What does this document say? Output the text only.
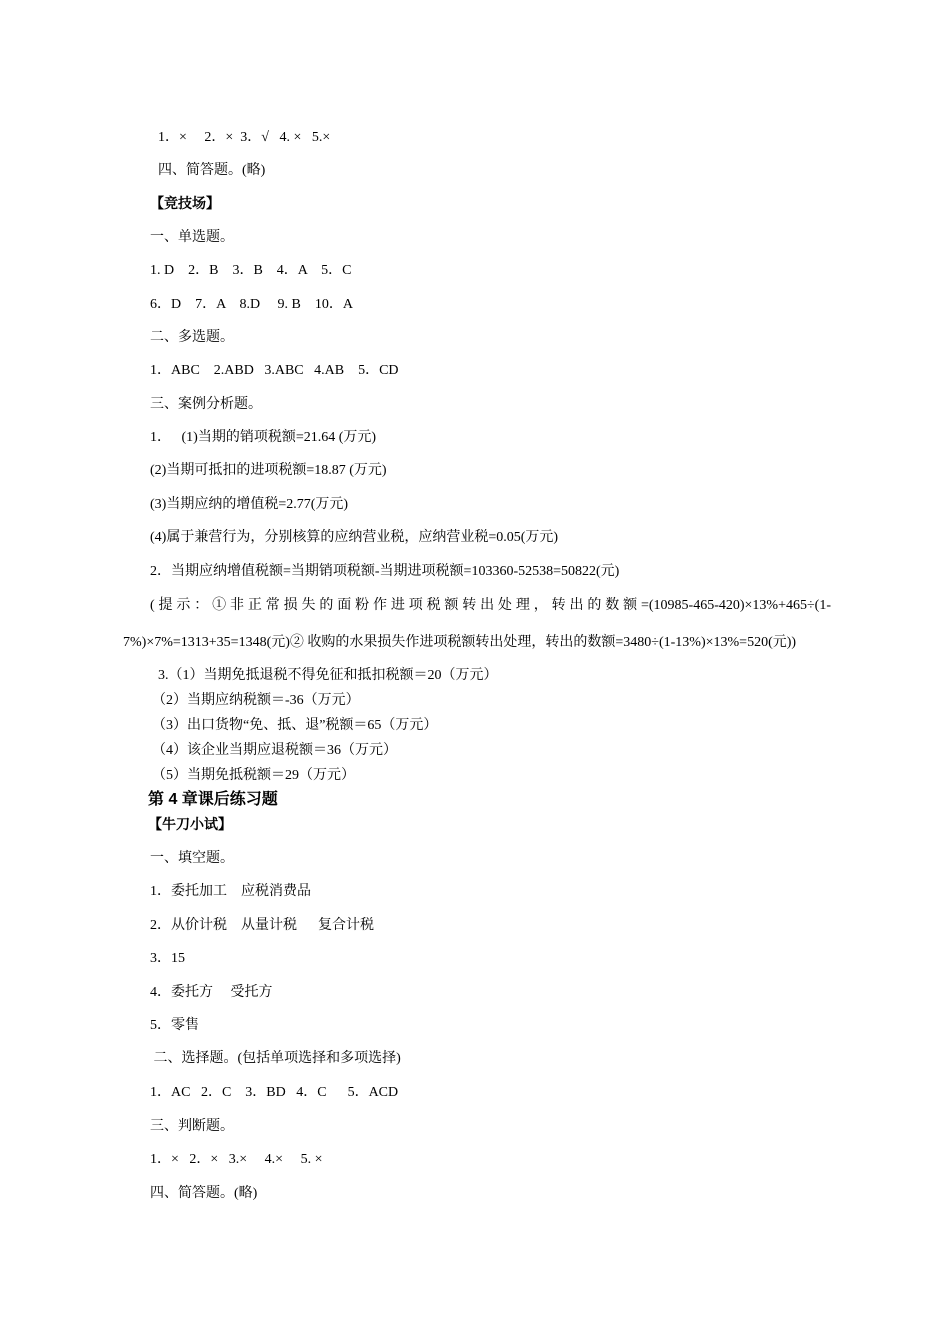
1．×　 2．×  3．√   4. ×   5.×
四、简答题。(略)
【竞技场】
一、单选题。
1. D    2．B    3．B    4．A    5．C
6．D    7．A    8.D     9. B    10．A
二、多选题。
1．ABC    2.ABD   3.ABC   4.AB    5．CD
三、案例分析题。
1．   (1)当期的销项税额=21.64 (万元)
(2)当期可抵扣的进项税额=18.87 (万元)
(3)当期应纳的增值税=2.77(万元)
(4)属于兼营行为，分别核算的应纳营业税，应纳营业税=0.05(万元)
2．当期应纳增值税额=当期销项税额-当期进项税额=103360-52538=50822(元)
(提示：①非正常损失的面粉作进项税额转出处理，转出的数额=(10985-465-420)×13%+465÷(1-
7%)×7%=1313+35=1348(元)② 收购的水果损失作进项税额转出处理，转出的数额=3480÷(1-13%)×13%=520(元))
3.（1）当期免抵退税不得免征和抵扣税额＝20（万元）
（2）当期应纳税额＝-36（万元）
（3）出口货物“免、抵、退”税额＝65（万元）
（4）该企业当期应退税额＝36（万元）
（5）当期免抵税额＝29（万元）
第 4 章课后练习题
【牛刀小试】
一、填空题。
1．委托加工    应税消费品
2．从价计税    从量计税      复合计税
3．15
4．委托方     受托方
5．零售
二、选择题。(包括单项选择和多项选择)
1．AC   2．C    3．BD   4．C      5．ACD
三、判断题。
1．×   2．×   3.×     4.×     5. ×
四、简答题。(略)
